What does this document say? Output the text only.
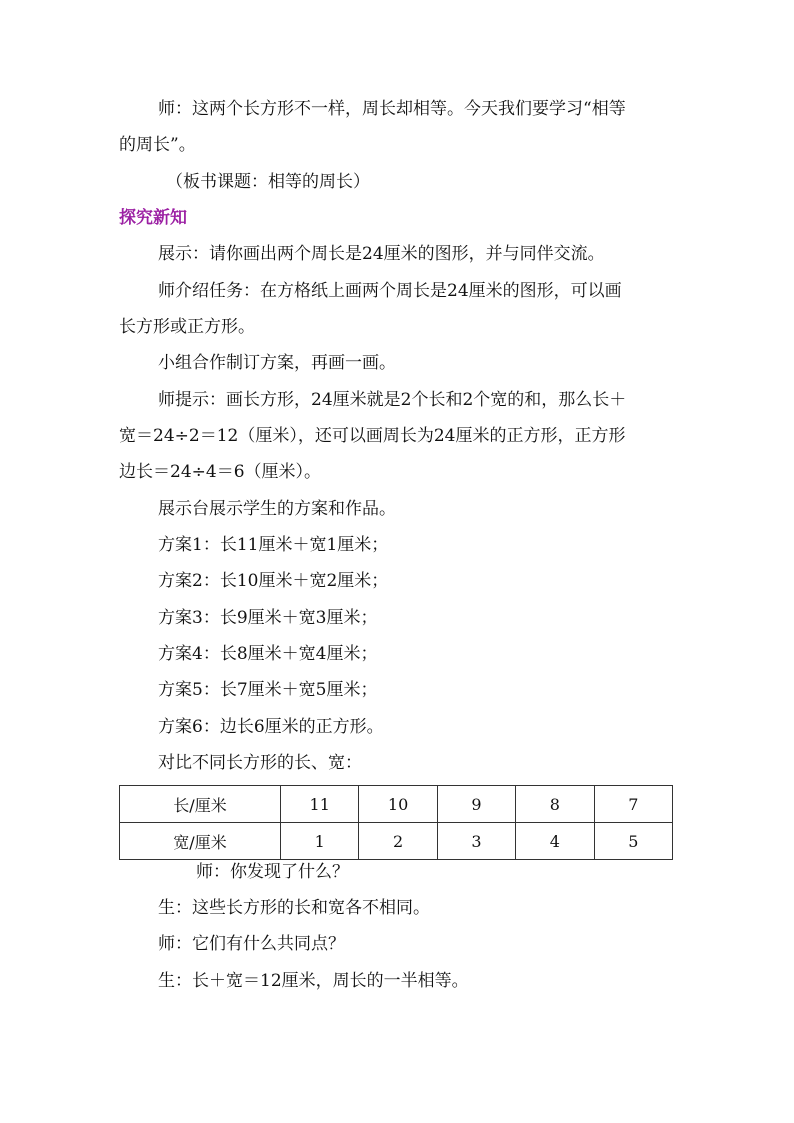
师：这两个长方形不一样，周长却相等。今天我们要学习“相等

的周长”。

（板书课题：相等的周长）

探究新知

展示：请你画出两个周长是24厘米的图形，并与同伴交流。

师介绍任务：在方格纸上画两个周长是24厘米的图形，可以画

长方形或正方形。

小组合作制订方案，再画一画。

师提示：画长方形，24厘米就是2个长和2个宽的和，那么长＋

宽＝24÷2＝12（厘米），还可以画周长为24厘米的正方形，正方形

边长＝24÷4＝6（厘米）。

展示台展示学生的方案和作品。

方案1：长11厘米＋宽1厘米；

方案2：长10厘米＋宽2厘米；

方案3：长9厘米＋宽3厘米；

方案4：长8厘米＋宽4厘米；

方案5：长7厘米＋宽5厘米；

方案6：边长6厘米的正方形。

对比不同长方形的长、宽：

长/厘米	11	10	9	8	7
宽/厘米	1	2	3	4	5

师：你发现了什么？

生：这些长方形的长和宽各不相同。

师：它们有什么共同点？

生：长＋宽＝12厘米，周长的一半相等。
